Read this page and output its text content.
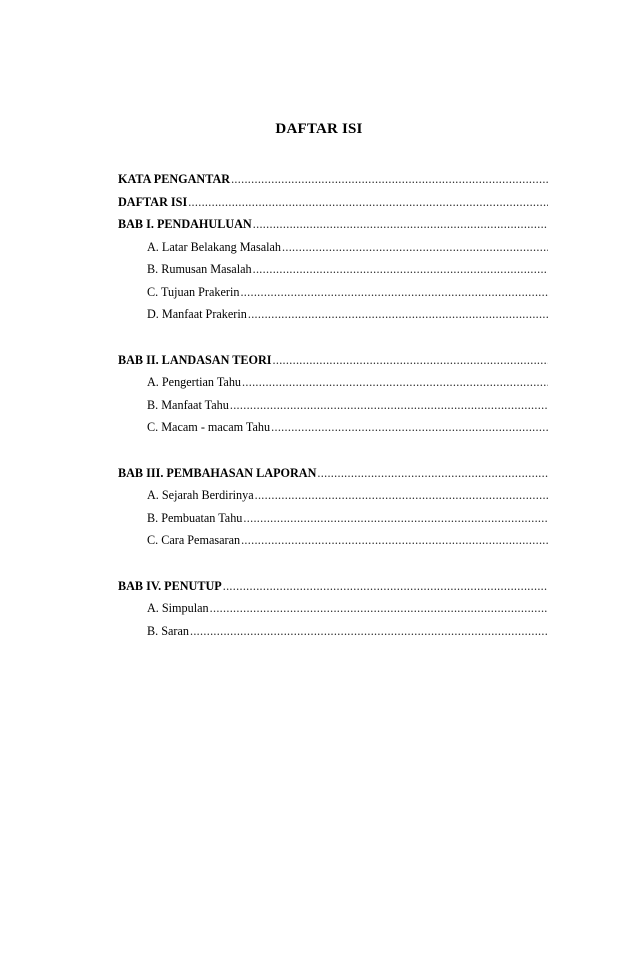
DAFTAR ISI
KATA PENGANTAR
.....
DAFTAR ISI
.....
BAB I. PENDAHULUAN
.....
A. Latar Belakang Masalah
.....
B. Rumusan Masalah
.....
C. Tujuan Prakerin
.....
D. Manfaat Prakerin
.....
BAB II. LANDASAN TEORI
.....
A. Pengertian Tahu
.....
B. Manfaat Tahu
.....
C. Macam - macam Tahu
.....
BAB III. PEMBAHASAN LAPORAN
.....
A. Sejarah Berdirinya
.....
B. Pembuatan Tahu
.....
C. Cara Pemasaran
.....
BAB IV. PENUTUP
.....
A. Simpulan
.....
B. Saran
.....
